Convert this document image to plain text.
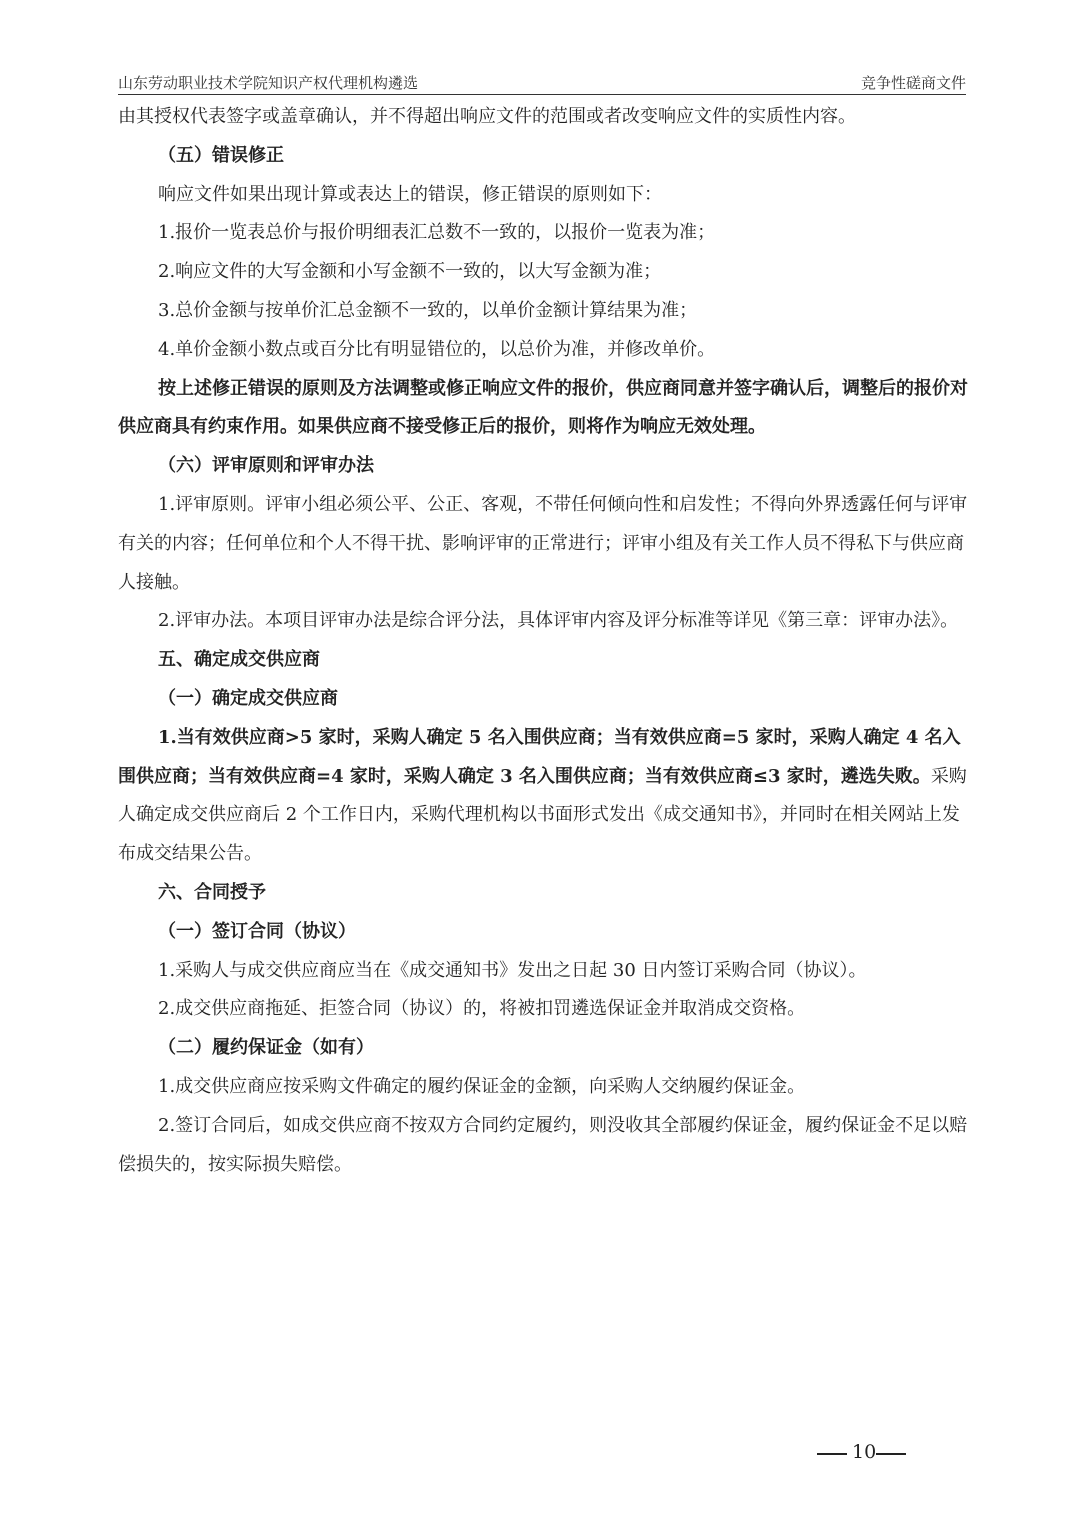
山东劳动职业技术学院知识产权代理机构遴选	竞争性磋商文件

由其授权代表签字或盖章确认，并不得超出响应文件的范围或者改变响应文件的实质性内容。

（五）错误修正

响应文件如果出现计算或表达上的错误，修正错误的原则如下：

1.报价一览表总价与报价明细表汇总数不一致的，以报价一览表为准；

2.响应文件的大写金额和小写金额不一致的，以大写金额为准；

3.总价金额与按单价汇总金额不一致的，以单价金额计算结果为准；

4.单价金额小数点或百分比有明显错位的，以总价为准，并修改单价。

按上述修正错误的原则及方法调整或修正响应文件的报价，供应商同意并签字确认后，调整后的报价对供应商具有约束作用。如果供应商不接受修正后的报价，则将作为响应无效处理。

（六）评审原则和评审办法

1.评审原则。评审小组必须公平、公正、客观，不带任何倾向性和启发性；不得向外界透露任何与评审有关的内容；任何单位和个人不得干扰、影响评审的正常进行；评审小组及有关工作人员不得私下与供应商人接触。

2.评审办法。本项目评审办法是综合评分法，具体评审内容及评分标准等详见《第三章：评审办法》。

五、确定成交供应商

（一）确定成交供应商

1.当有效供应商>5 家时，采购人确定 5 名入围供应商；当有效供应商=5 家时，采购人确定 4 名入围供应商；当有效供应商=4 家时，采购人确定 3 名入围供应商；当有效供应商≤3 家时，遴选失败。采购人确定成交供应商后 2 个工作日内，采购代理机构以书面形式发出《成交通知书》，并同时在相关网站上发布成交结果公告。

六、合同授予

（一）签订合同（协议）

1.采购人与成交供应商应当在《成交通知书》发出之日起 30 日内签订采购合同（协议）。

2.成交供应商拖延、拒签合同（协议）的，将被扣罚遴选保证金并取消成交资格。

（二）履约保证金（如有）

1.成交供应商应按采购文件确定的履约保证金的金额，向采购人交纳履约保证金。

2.签订合同后，如成交供应商不按双方合同约定履约，则没收其全部履约保证金，履约保证金不足以赔偿损失的，按实际损失赔偿。

10
